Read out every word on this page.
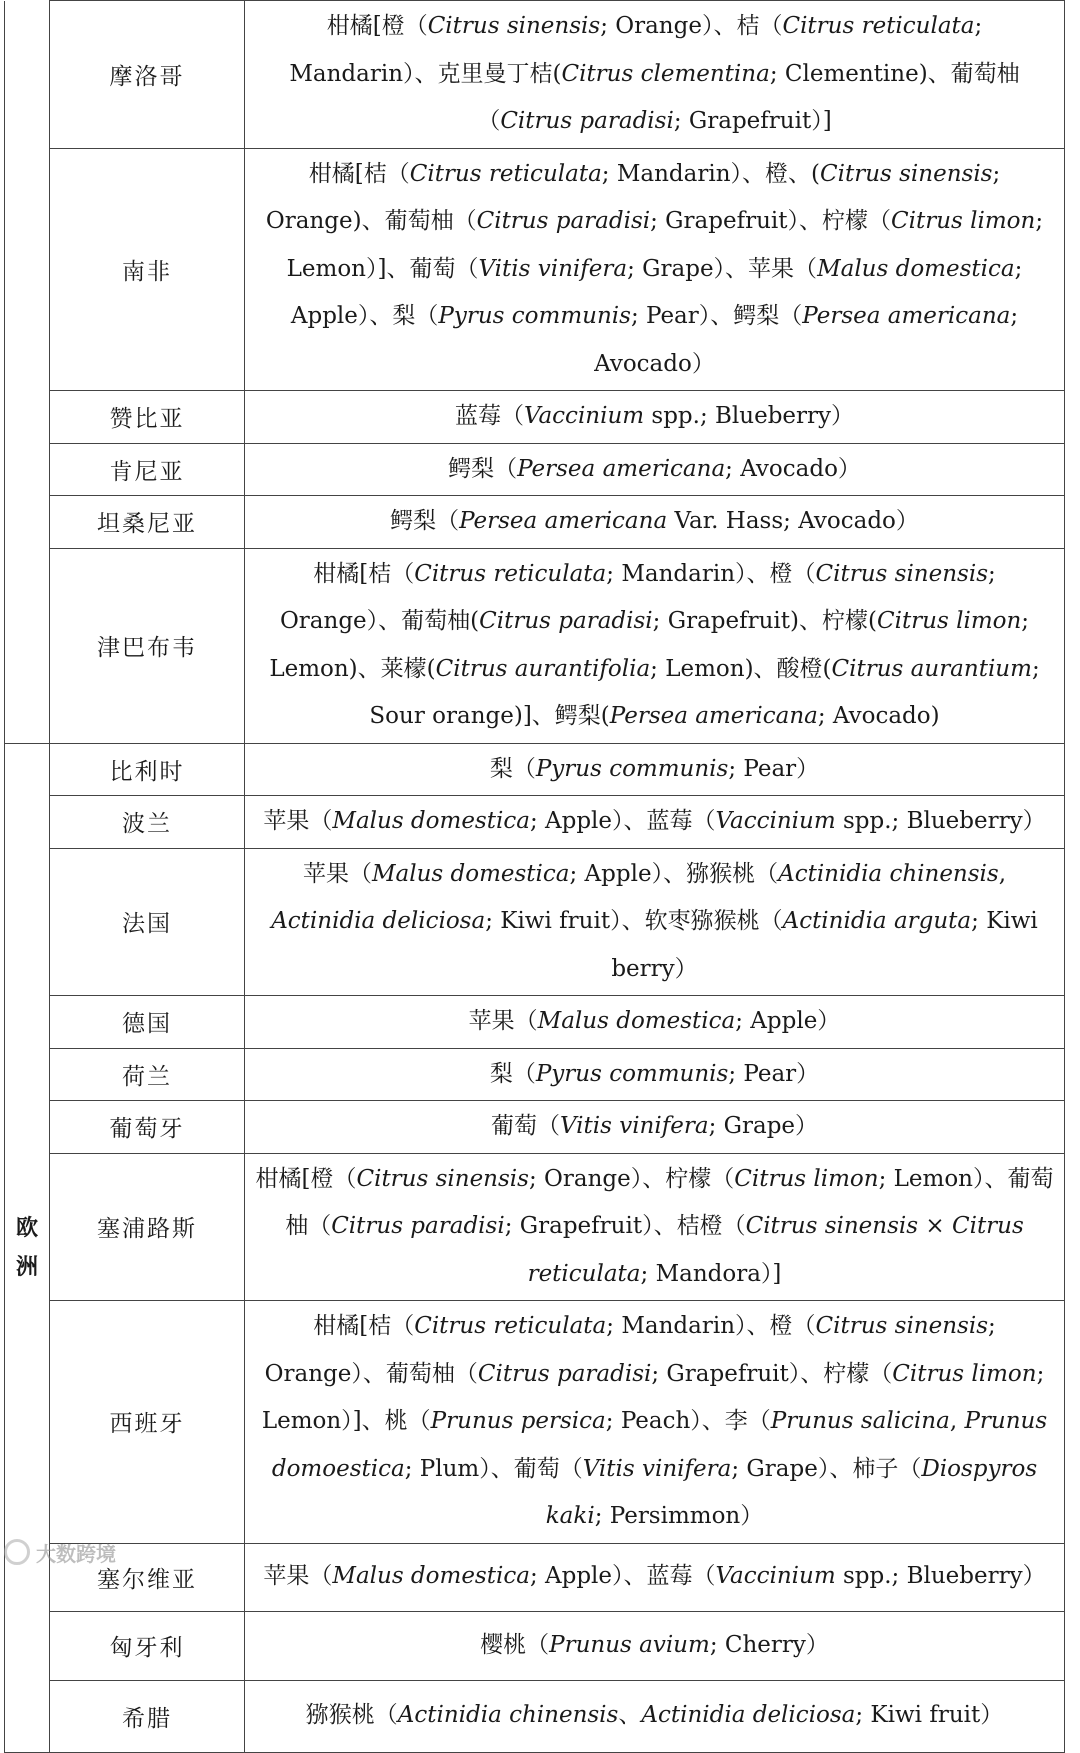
	摩洛哥	柑橘[橙（Citrus sinensis; Orange）、桔（Citrus reticulata; Mandarin）、克里曼丁桔(Citrus clementina; Clementine)、葡萄柚（Citrus paradisi; Grapefruit）]
	南非	柑橘[桔（Citrus reticulata; Mandarin）、橙、(Citrus sinensis; Orange)、葡萄柚（Citrus paradisi; Grapefruit）、柠檬（Citrus limon; Lemon）]、葡萄（Vitis vinifera; Grape）、苹果（Malus domestica; Apple）、梨（Pyrus communis; Pear）、鳄梨（Persea americana; Avocado）
	赞比亚	蓝莓（Vaccinium spp.; Blueberry）
	肯尼亚	鳄梨（Persea americana; Avocado）
	坦桑尼亚	鳄梨（Persea americana Var. Hass; Avocado）
	津巴布韦	柑橘[桔（Citrus reticulata; Mandarin）、橙（Citrus sinensis; Orange）、葡萄柚(Citrus paradisi; Grapefruit)、柠檬(Citrus limon; Lemon)、莱檬(Citrus aurantifolia; Lemon)、酸橙(Citrus aurantium; Sour orange)]、鳄梨(Persea americana; Avocado)
欧
洲	比利时	梨（Pyrus communis; Pear）
	波兰	苹果（Malus domestica; Apple）、蓝莓（Vaccinium spp.; Blueberry）
	法国	苹果（Malus domestica; Apple）、猕猴桃（Actinidia chinensis, Actinidia deliciosa; Kiwi fruit）、软枣猕猴桃（Actinidia arguta; Kiwi berry）
	德国	苹果（Malus domestica; Apple）
	荷兰	梨（Pyrus communis; Pear）
	葡萄牙	葡萄（Vitis vinifera; Grape）
	塞浦路斯	柑橘[橙（Citrus sinensis; Orange）、柠檬（Citrus limon; Lemon）、葡萄柚（Citrus paradisi; Grapefruit）、桔橙（Citrus sinensis × Citrus reticulata; Mandora）]
	西班牙	柑橘[桔（Citrus reticulata; Mandarin）、橙（Citrus sinensis; Orange）、葡萄柚（Citrus paradisi; Grapefruit）、柠檬（Citrus limon; Lemon）]、桃（Prunus persica; Peach）、李（Prunus salicina, Prunus domoestica; Plum）、葡萄（Vitis vinifera; Grape）、柿子（Diospyros kaki; Persimmon）
	塞尔维亚	苹果（Malus domestica; Apple）、蓝莓（Vaccinium spp.; Blueberry）
	匈牙利	樱桃（Prunus avium; Cherry）
	希腊	猕猴桃（Actinidia chinensis、Actinidia deliciosa; Kiwi fruit）
大数跨境
